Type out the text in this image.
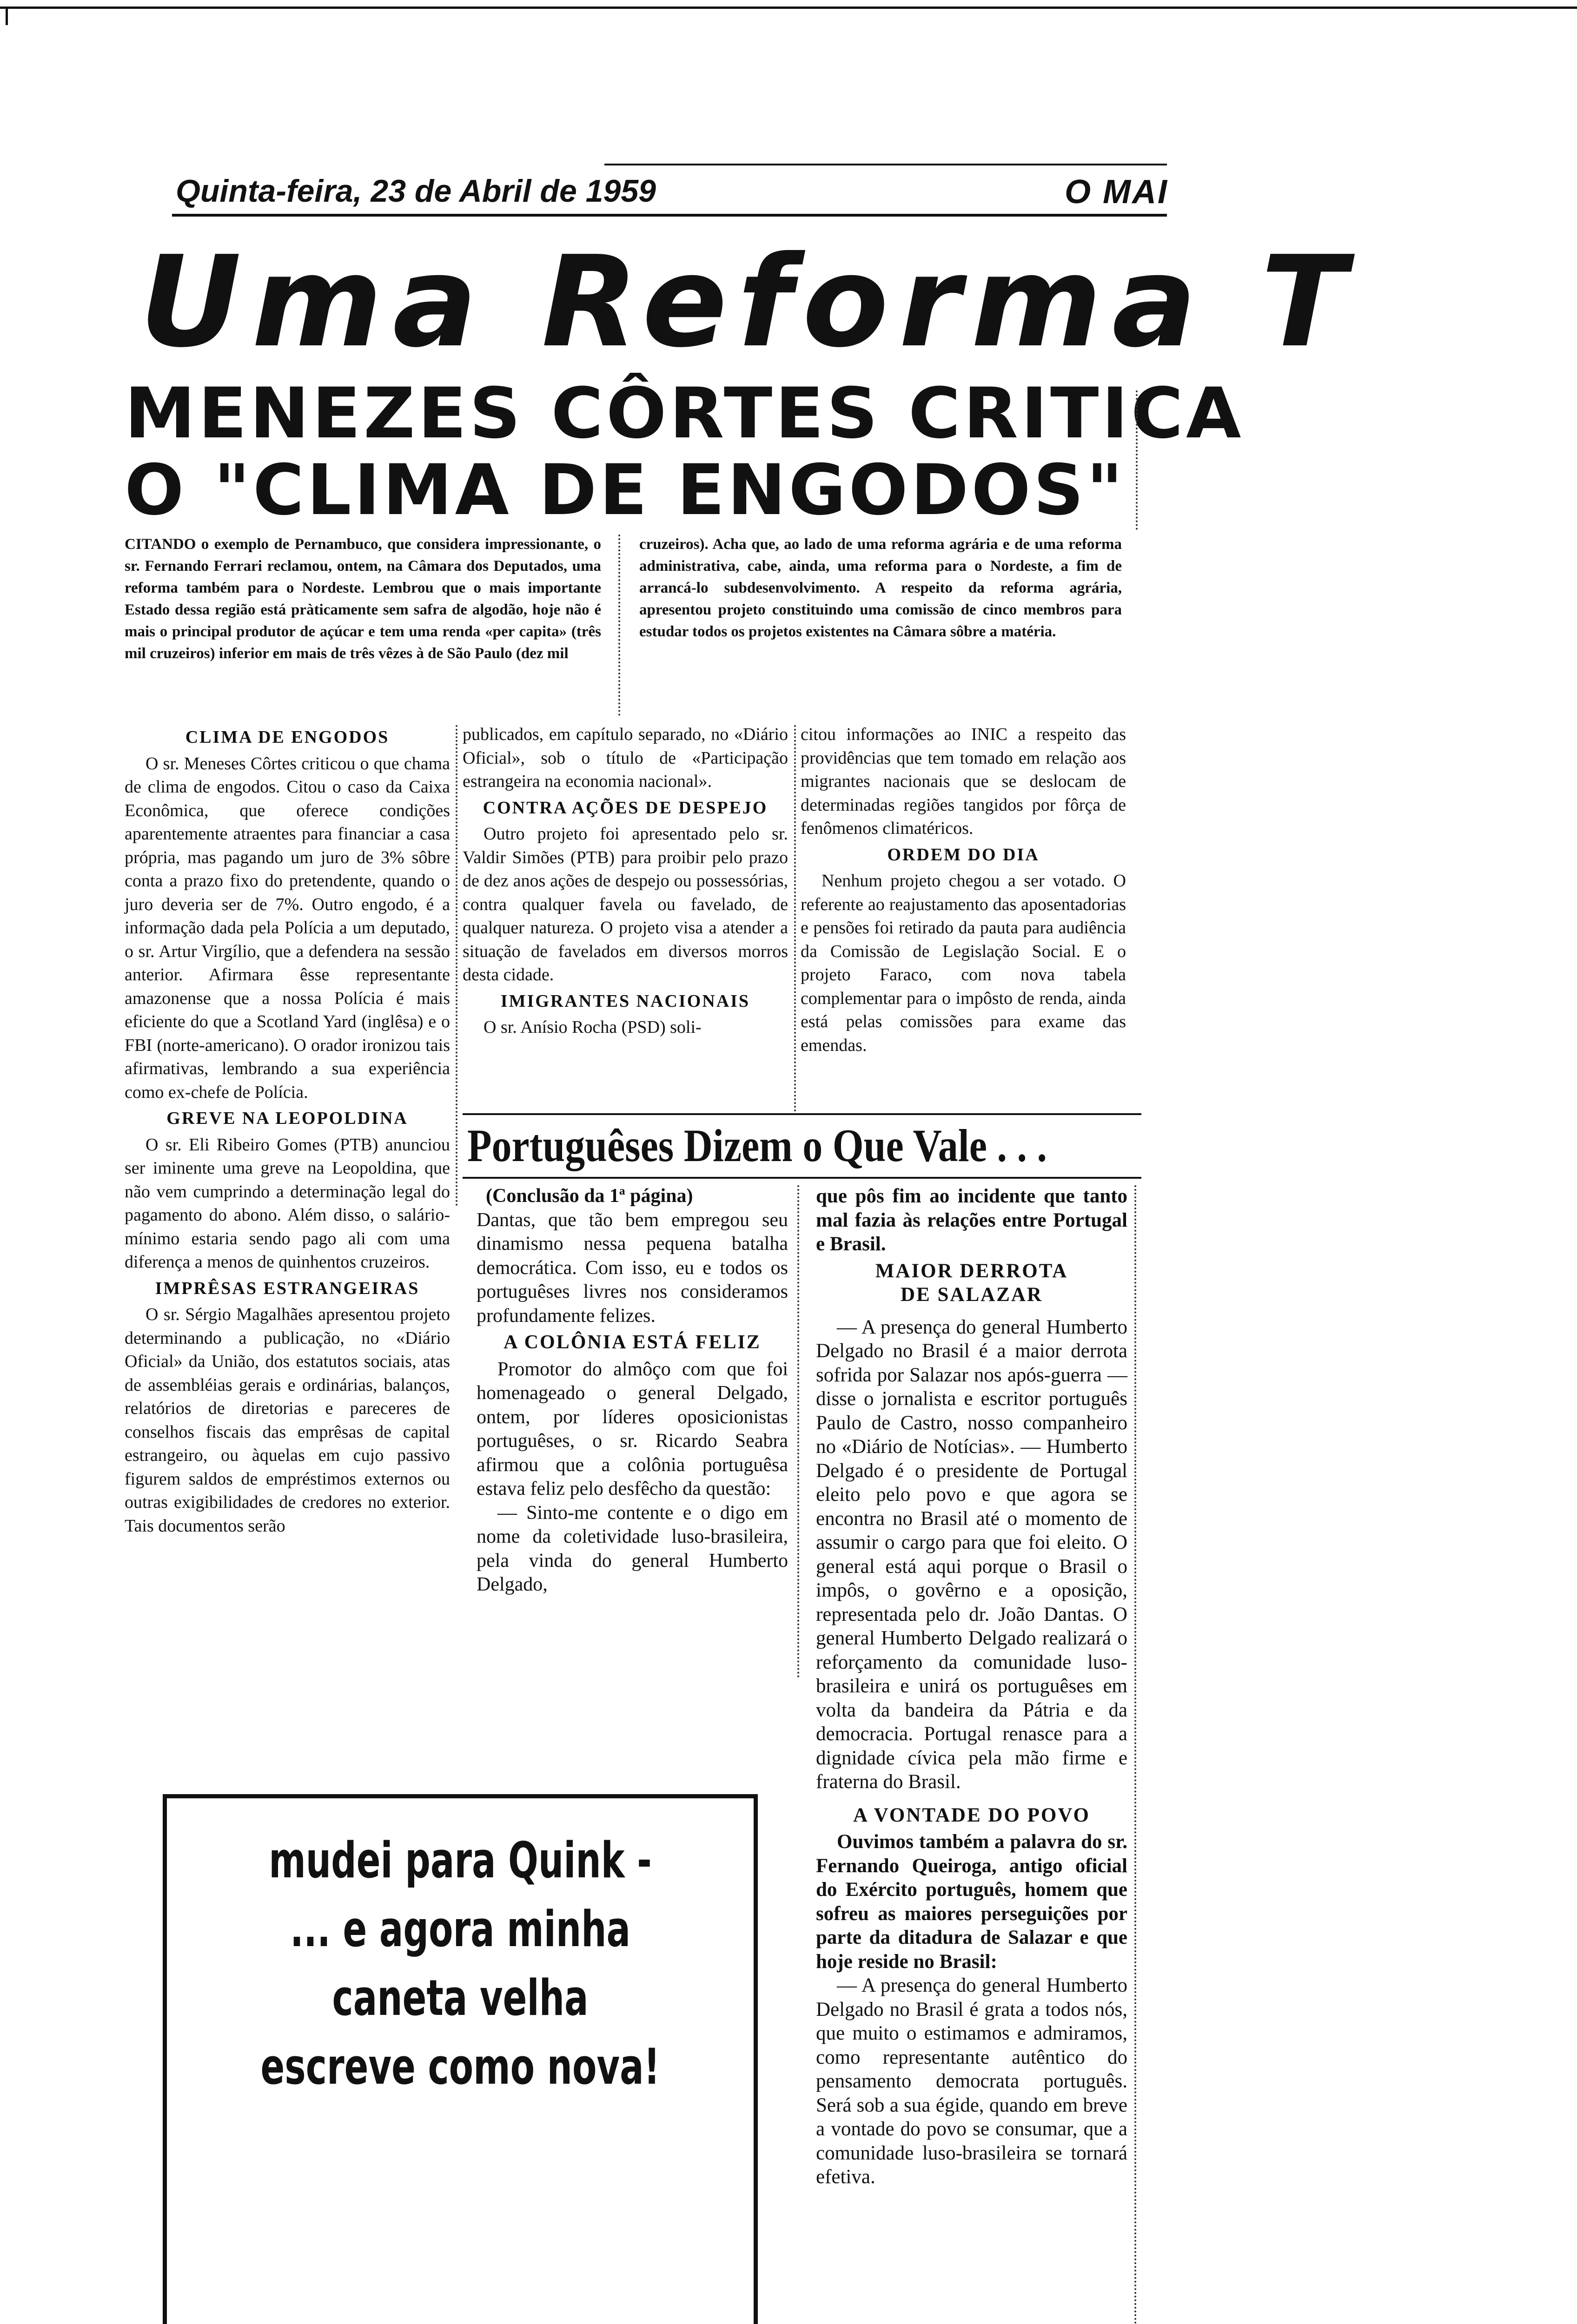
Quinta-feira, 23 de Abril de 1959	O MAI
Uma Reforma T
MENEZES CÔRTES CRITICA
O "CLIMA DE ENGODOS"

CITANDO o exemplo de Pernambuco, que considera impressionante, o sr. Fernando Ferrari reclamou, ontem, na Câmara dos Deputados, uma reforma também para o Nordeste. Lembrou que o mais importante Estado dessa região está pràticamente sem safra de algodão, hoje não é mais o principal produtor de açúcar e tem uma renda «per capita» (três mil cruzeiros) inferior em mais de três vêzes à de São Paulo (dez mil

cruzeiros). Acha que, ao lado de uma reforma agrária e de uma reforma administrativa, cabe, ainda, uma reforma para o Nordeste, a fim de arrancá-lo subdesenvolvimento. A respeito da reforma agrária, apresentou projeto constituindo uma comissão de cinco membros para estudar todos os projetos existentes na Câmara sôbre a matéria.

CLIMA DE ENGODOS

O sr. Meneses Côrtes criticou o que chama de clima de engodos. Citou o caso da Caixa Econômica, que oferece condições aparentemente atraentes para financiar a casa própria, mas pagando um juro de 3% sôbre conta a prazo fixo do pretendente, quando o juro deveria ser de 7%. Outro engodo, é a informação dada pela Polícia a um deputado, o sr. Artur Virgílio, que a defendera na sessão anterior. Afirmara êsse representante amazonense que a nossa Polícia é mais eficiente do que a Scotland Yard (inglêsa) e o FBI (norte-americano). O orador ironizou tais afirmativas, lembrando a sua experiência como ex-chefe de Polícia.

GREVE NA LEOPOLDINA

O sr. Eli Ribeiro Gomes (PTB) anunciou ser iminente uma greve na Leopoldina, que não vem cumprindo a determinação legal do pagamento do abono. Além disso, o salário-mínimo estaria sendo pago ali com uma diferença a menos de quinhentos cruzeiros.

IMPRÊSAS ESTRANGEIRAS

O sr. Sérgio Magalhães apresentou projeto determinando a publicação, no «Diário Oficial» da União, dos estatutos sociais, atas de assembléias gerais e ordinárias, balanços, relatórios de diretorias e pareceres de conselhos fiscais das emprêsas de capital estrangeiro, ou àquelas em cujo passivo figurem saldos de empréstimos externos ou outras exigibilidades de credores no exterior. Tais documentos serão

publicados, em capítulo separado, no «Diário Oficial», sob o título de «Participação estrangeira na economia nacional».

CONTRA AÇÕES DE DESPEJO

Outro projeto foi apresentado pelo sr. Valdir Simões (PTB) para proibir pelo prazo de dez anos ações de despejo ou possessórias, contra qualquer favela ou favelado, de qualquer natureza. O projeto visa a atender a situação de favelados em diversos morros desta cidade.

IMIGRANTES NACIONAIS

O sr. Anísio Rocha (PSD) soli-

citou informações ao INIC a respeito das providências que tem tomado em relação aos migrantes nacionais que se deslocam de determinadas regiões tangidos por fôrça de fenômenos climatéricos.

ORDEM DO DIA

Nenhum projeto chegou a ser votado. O referente ao reajustamento das aposentadorias e pensões foi retirado da pauta para audiência da Comissão de Legislação Social. E o projeto Faraco, com nova tabela complementar para o impôsto de renda, ainda está pelas comissões para exame das emendas.

Portuguêses Dizem o Que Vale . . .

(Conclusão da 1ª página)

Dantas, que tão bem empregou seu dinamismo nessa pequena batalha democrática. Com isso, eu e todos os portuguêses livres nos consideramos profundamente felizes.

A COLÔNIA ESTÁ FELIZ

Promotor do almôço com que foi homenageado o general Delgado, ontem, por líderes oposicionistas portuguêses, o sr. Ricardo Seabra afirmou que a colônia portuguêsa estava feliz pelo desfêcho da questão:

— Sinto-me contente e o digo em nome da coletividade luso-brasileira, pela vinda do general Humberto Delgado,

que pôs fim ao incidente que tanto mal fazia às relações entre Portugal e Brasil.

MAIOR DERROTA

DE SALAZAR

— A presença do general Humberto Delgado no Brasil é a maior derrota sofrida por Salazar nos após-guerra — disse o jornalista e escritor português Paulo de Castro, nosso companheiro no «Diário de Notícias». — Humberto Delgado é o presidente de Portugal eleito pelo povo e que agora se encontra no Brasil até o momento de assumir o cargo para que foi eleito. O general está aqui porque o Brasil o impôs, o govêrno e a oposição, representada pelo dr. João Dantas. O general Humberto Delgado realizará o reforçamento da comunidade luso-brasileira e unirá os portuguêses em volta da bandeira da Pátria e da democracia. Portugal renasce para a dignidade cívica pela mão firme e fraterna do Brasil.

A VONTADE DO POVO

Ouvimos também a palavra do sr. Fernando Queiroga, antigo oficial do Exército português, homem que sofreu as maiores perseguições por parte da ditadura de Salazar e que hoje reside no Brasil:

— A presença do general Humberto Delgado no Brasil é grata a todos nós, que muito o estimamos e admiramos, como representante autêntico do pensamento democrata português. Será sob a sua égide, quando em breve a vontade do povo se consumar, que a comunidade luso-brasileira se tornará efetiva.

mudei para Quink -
... e agora minha
caneta velha
escreve como nova!
